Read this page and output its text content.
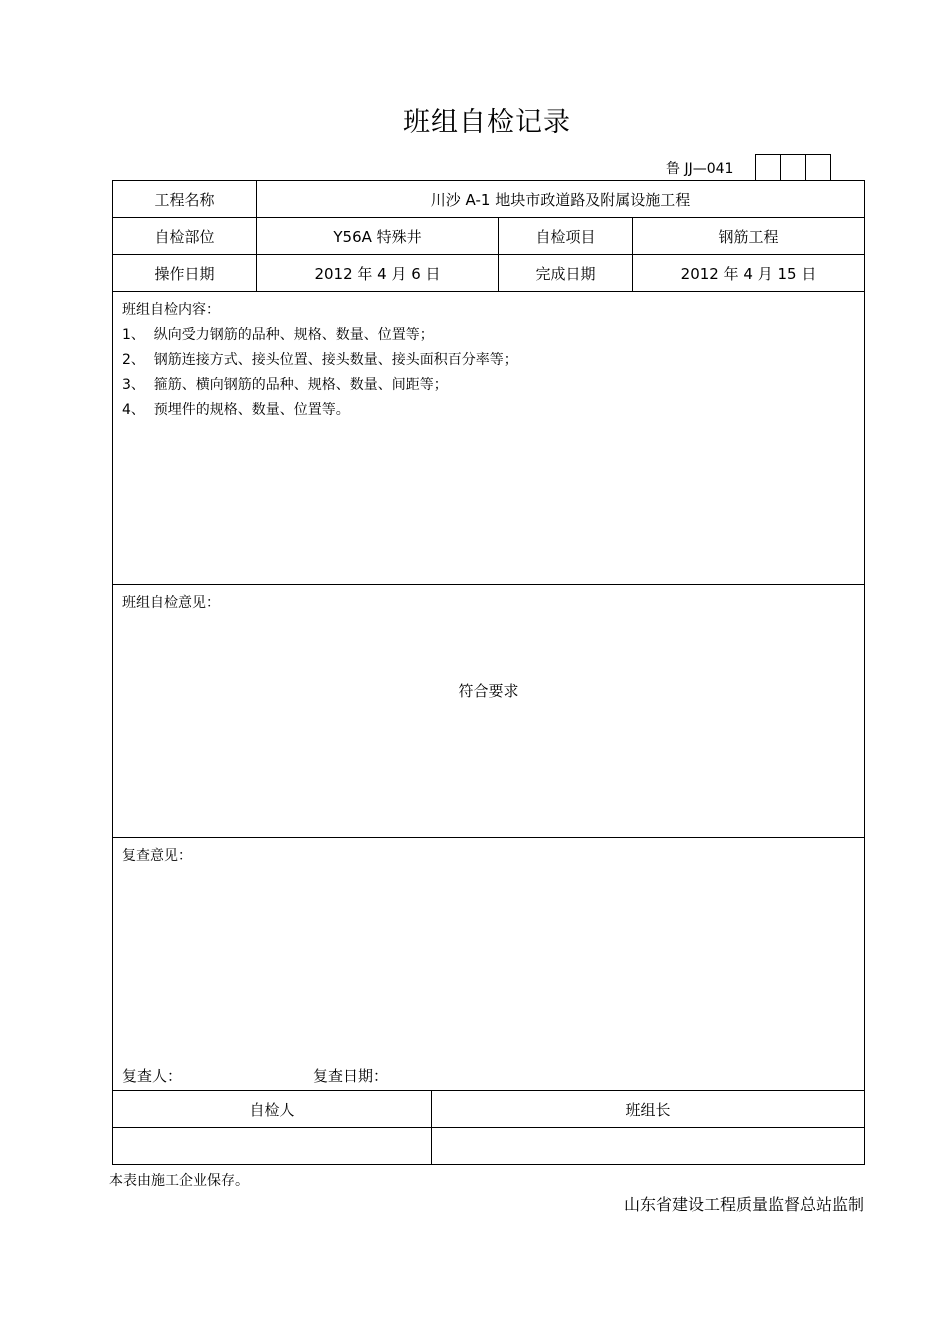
班组自检记录
鲁 JJ—041
工程名称	川沙 A-1 地块市政道路及附属设施工程			
自检部位	Y56A 特殊井		自检项目	钢筋工程
操作日期	2012 年 4 月 6 日		完成日期	2012 年 4 月 15 日

班组自检内容：
1、  纵向受力钢筋的品种、规格、数量、位置等；
2、  钢筋连接方式、接头位置、接头数量、接头面积百分率等；
3、  箍筋、横向钢筋的品种、规格、数量、间距等；
4、  预埋件的规格、数量、位置等。				

班组自检意见：
符合要求				

复查意见：
复查人： 复查日期：				

自检人		班组长		

本表由施工企业保存。
山东省建设工程质量监督总站监制
